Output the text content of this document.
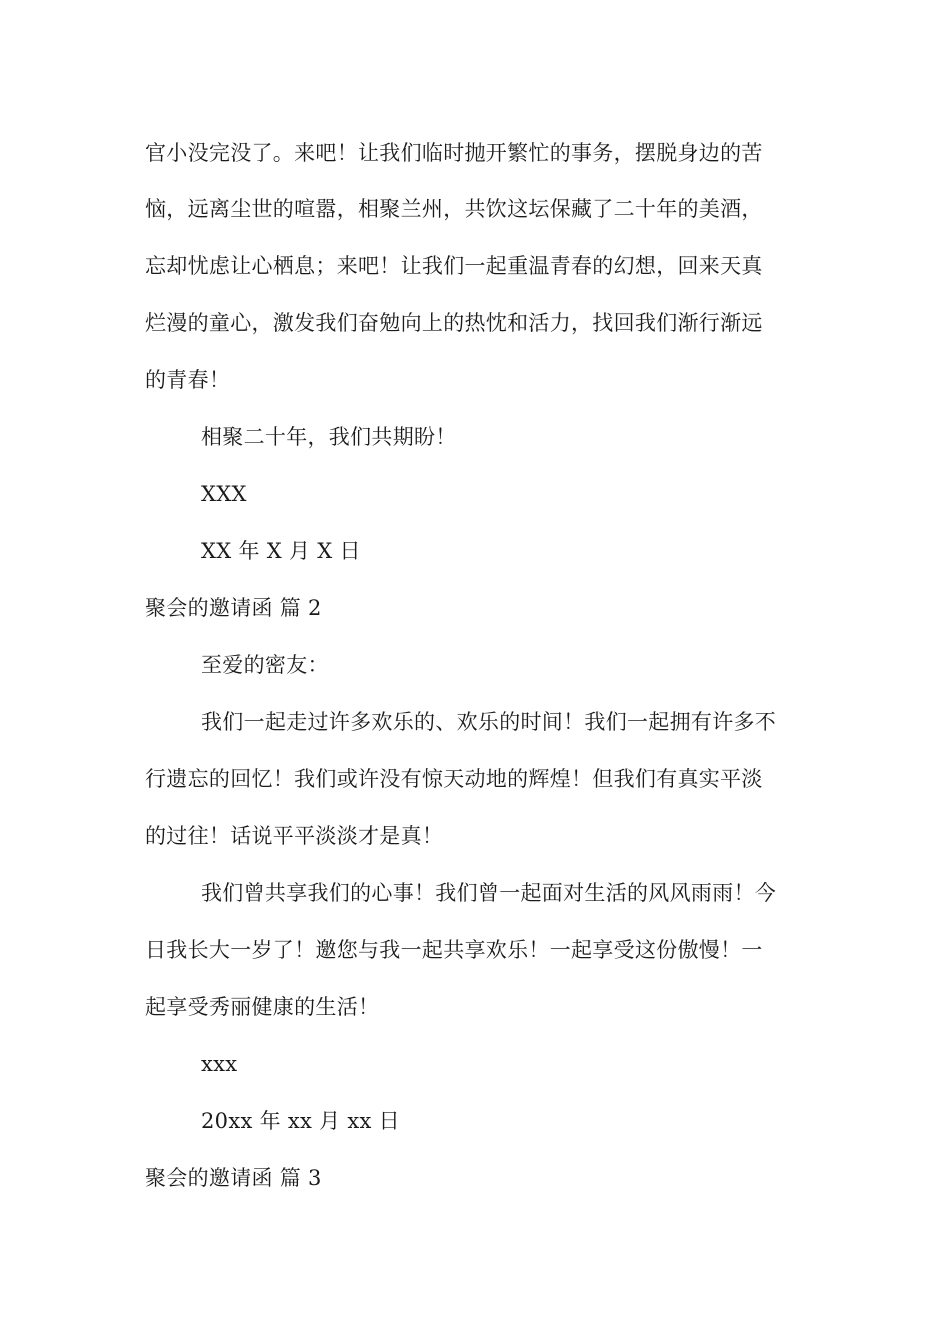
官小没完没了。来吧！让我们临时抛开繁忙的事务，摆脱身边的苦
恼，远离尘世的喧嚣，相聚兰州，共饮这坛保藏了二十年的美酒，
忘却忧虑让心栖息；来吧！让我们一起重温青春的幻想，回来天真
烂漫的童心，激发我们奋勉向上的热忱和活力，找回我们渐行渐远
的青春！
相聚二十年，我们共期盼！
XXX
XX 年 X 月 X 日
聚会的邀请函 篇 2
至爱的密友：
我们一起走过许多欢乐的、欢乐的时间！我们一起拥有许多不
行遗忘的回忆！我们或许没有惊天动地的辉煌！但我们有真实平淡
的过往！话说平平淡淡才是真！
我们曾共享我们的心事！我们曾一起面对生活的风风雨雨！今
日我长大一岁了！邀您与我一起共享欢乐！一起享受这份傲慢！一
起享受秀丽健康的生活！
xxx
20xx 年 xx 月 xx 日
聚会的邀请函 篇 3
